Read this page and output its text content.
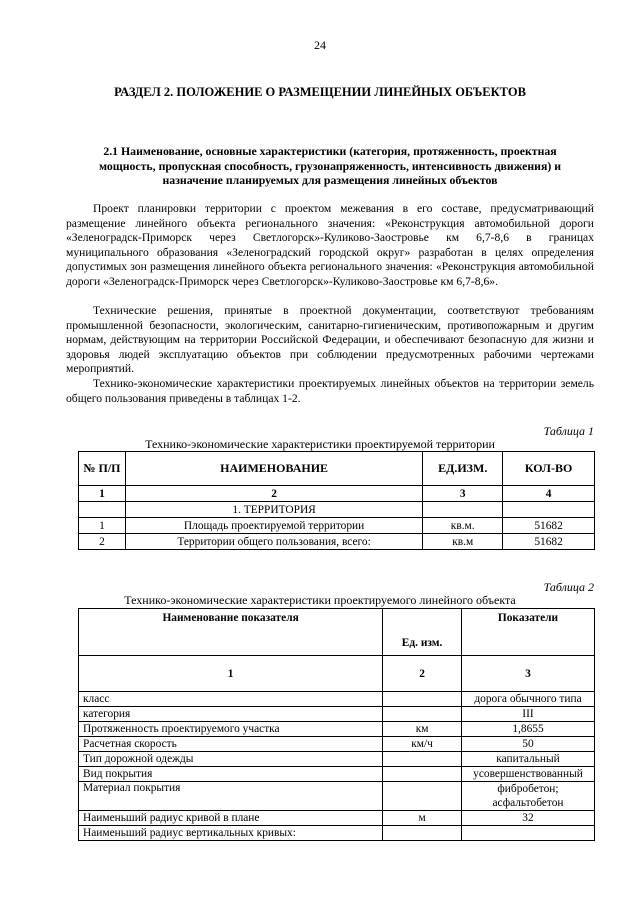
24
РАЗДЕЛ 2. ПОЛОЖЕНИЕ О РАЗМЕЩЕНИИ ЛИНЕЙНЫХ ОБЪЕКТОВ
2.1 Наименование, основные характеристики (категория, протяженность, проектная мощность, пропускная способность, грузонапряженность, интенсивность движения) и назначение планируемых для размещения линейных объектов

Проект планировки территории с проектом межевания в его составе, предусматривающий размещение линейного объекта регионального значения: «Реконструкция автомобильной дороги «Зеленоградск-Приморск через Светлогорск»-Куликово-Заостровье км 6,7-8,6 в границах муниципального образования «Зеленоградский городской округ» разработан в целях определения допустимых зон размещения линейного объекта регионального значения: «Реконструкция автомобильной дороги «Зеленоградск-Приморск через Светлогорск»-Куликово-Заостровье км 6,7-8,6».

Технические решения, принятые в проектной документации, соответствуют требованиям промышленной безопасности, экологическим, санитарно-гигиеническим, противопожарным и другим нормам, действующим на территории Российской Федерации, и обеспечивают безопасную для жизни и здоровья людей эксплуатацию объектов при соблюдении предусмотренных рабочими чертежами мероприятий.

Технико-экономические характеристики проектируемых линейных объектов на территории земель общего пользования приведены в таблицах 1-2.

Таблица 1
Технико-экономические характеристики проектируемой территории
№ П/П	НАИМЕНОВАНИЕ	ЕД.ИЗМ.	КОЛ-ВО
1	2	3	4
	1. ТЕРРИТОРИЯ		
1	Площадь проектируемой территории	кв.м.	51682
2	Территории общего пользования, всего:	кв.м	51682
Таблица 2
Технико-экономические характеристики проектируемого линейного объекта
Наименование показателя	Ед. изм.	Показатели
1	2	3
класс		дорога обычного типа
категория		III
Протяженность проектируемого участка	км	1,8655
Расчетная скорость	км/ч	50
Тип дорожной одежды		капитальный
Вид покрытия		усовершенствованный
Материал покрытия		фибробетон; асфальтобетон
Наименьший радиус кривой в плане	м	32
Наименьший радиус вертикальных кривых:		
